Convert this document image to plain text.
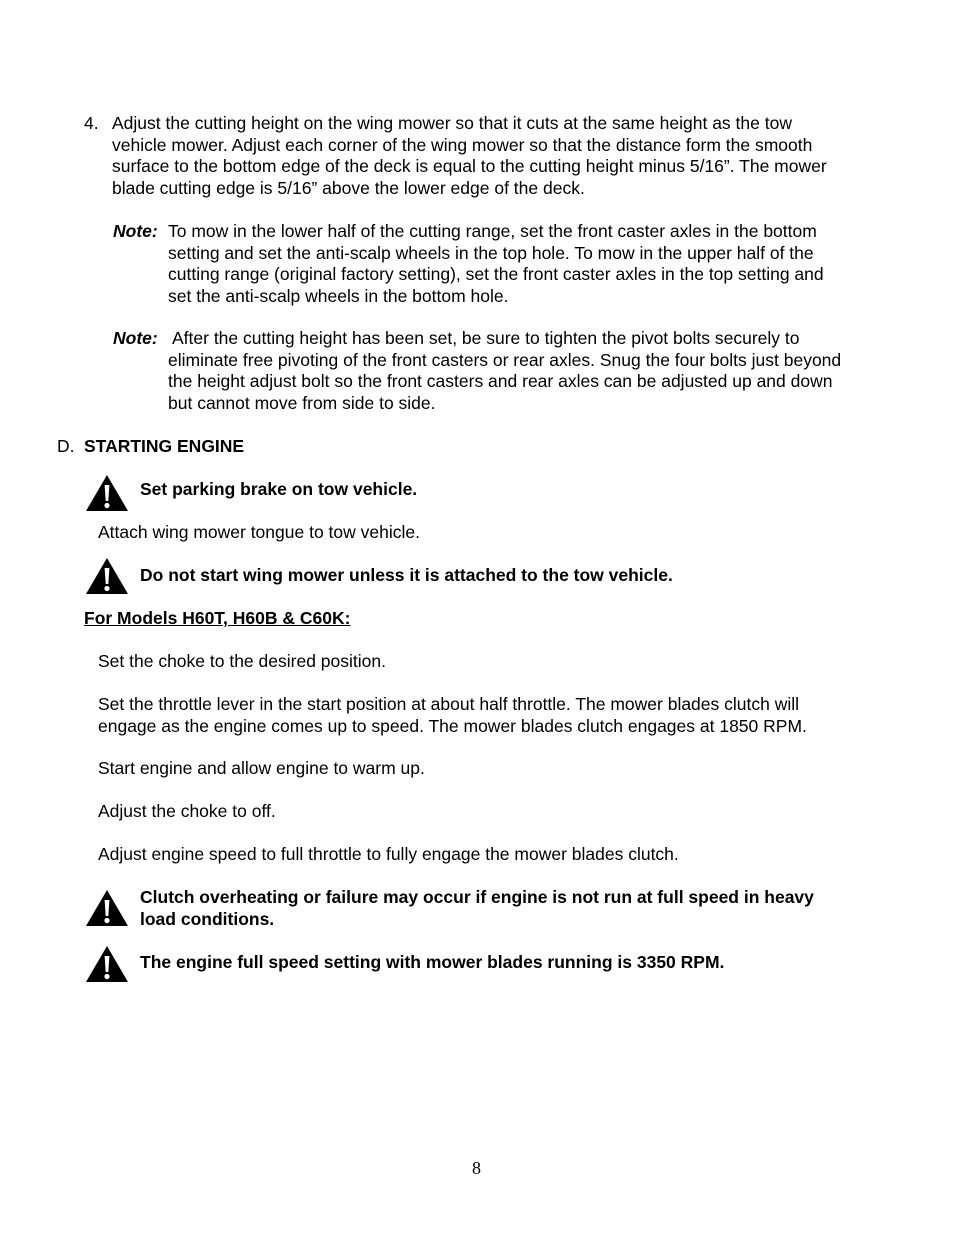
4. Adjust the cutting height on the wing mower so that it cuts at the same height as the tow
vehicle mower. Adjust each corner of the wing mower so that the distance form the smooth
surface to the bottom edge of the deck is equal to the cutting height minus 5/16”. The mower
blade cutting edge is 5/16” above the lower edge of the deck.
Note: To mow in the lower half of the cutting range, set the front caster axles in the bottom
setting and set the anti-scalp wheels in the top hole. To mow in the upper half of the
cutting range (original factory setting), set the front caster axles in the top setting and
set the anti-scalp wheels in the bottom hole.
Note: After the cutting height has been set, be sure to tighten the pivot bolts securely to
eliminate free pivoting of the front casters or rear axles. Snug the four bolts just beyond
the height adjust bolt so the front casters and rear axles can be adjusted up and down
but cannot move from side to side.
D. STARTING ENGINE
Set parking brake on tow vehicle.
Attach wing mower tongue to tow vehicle.
Do not start wing mower unless it is attached to the tow vehicle.
For Models H60T, H60B & C60K:
Set the choke to the desired position.
Set the throttle lever in the start position at about half throttle. The mower blades clutch will
engage as the engine comes up to speed. The mower blades clutch engages at 1850 RPM.
Start engine and allow engine to warm up.
Adjust the choke to off.
Adjust engine speed to full throttle to fully engage the mower blades clutch.
Clutch overheating or failure may occur if engine is not run at full speed in heavy
load conditions.
The engine full speed setting with mower blades running is 3350 RPM.
8
